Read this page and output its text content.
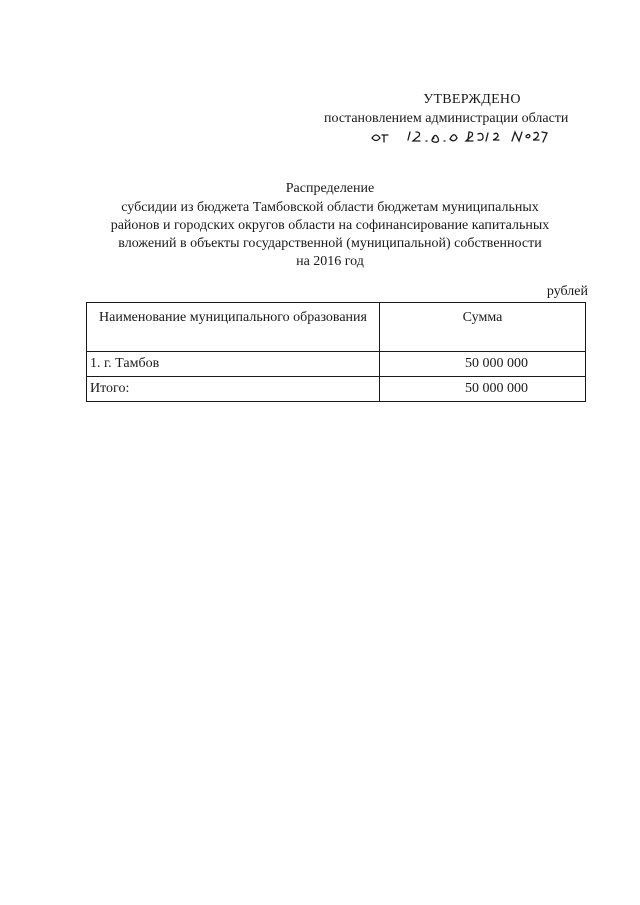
УТВЕРЖДЕНО
постановлением администрации области
Распределение
субсидии из бюджета Тамбовской области бюджетам муниципальных
районов и городских округов области на софинансирование капитальных
вложений в объекты государственной (муниципальной) собственности
на 2016 год
рублей
Наименование муниципального образования	Сумма
1. г. Тамбов	50 000 000
Итого:	50 000 000
